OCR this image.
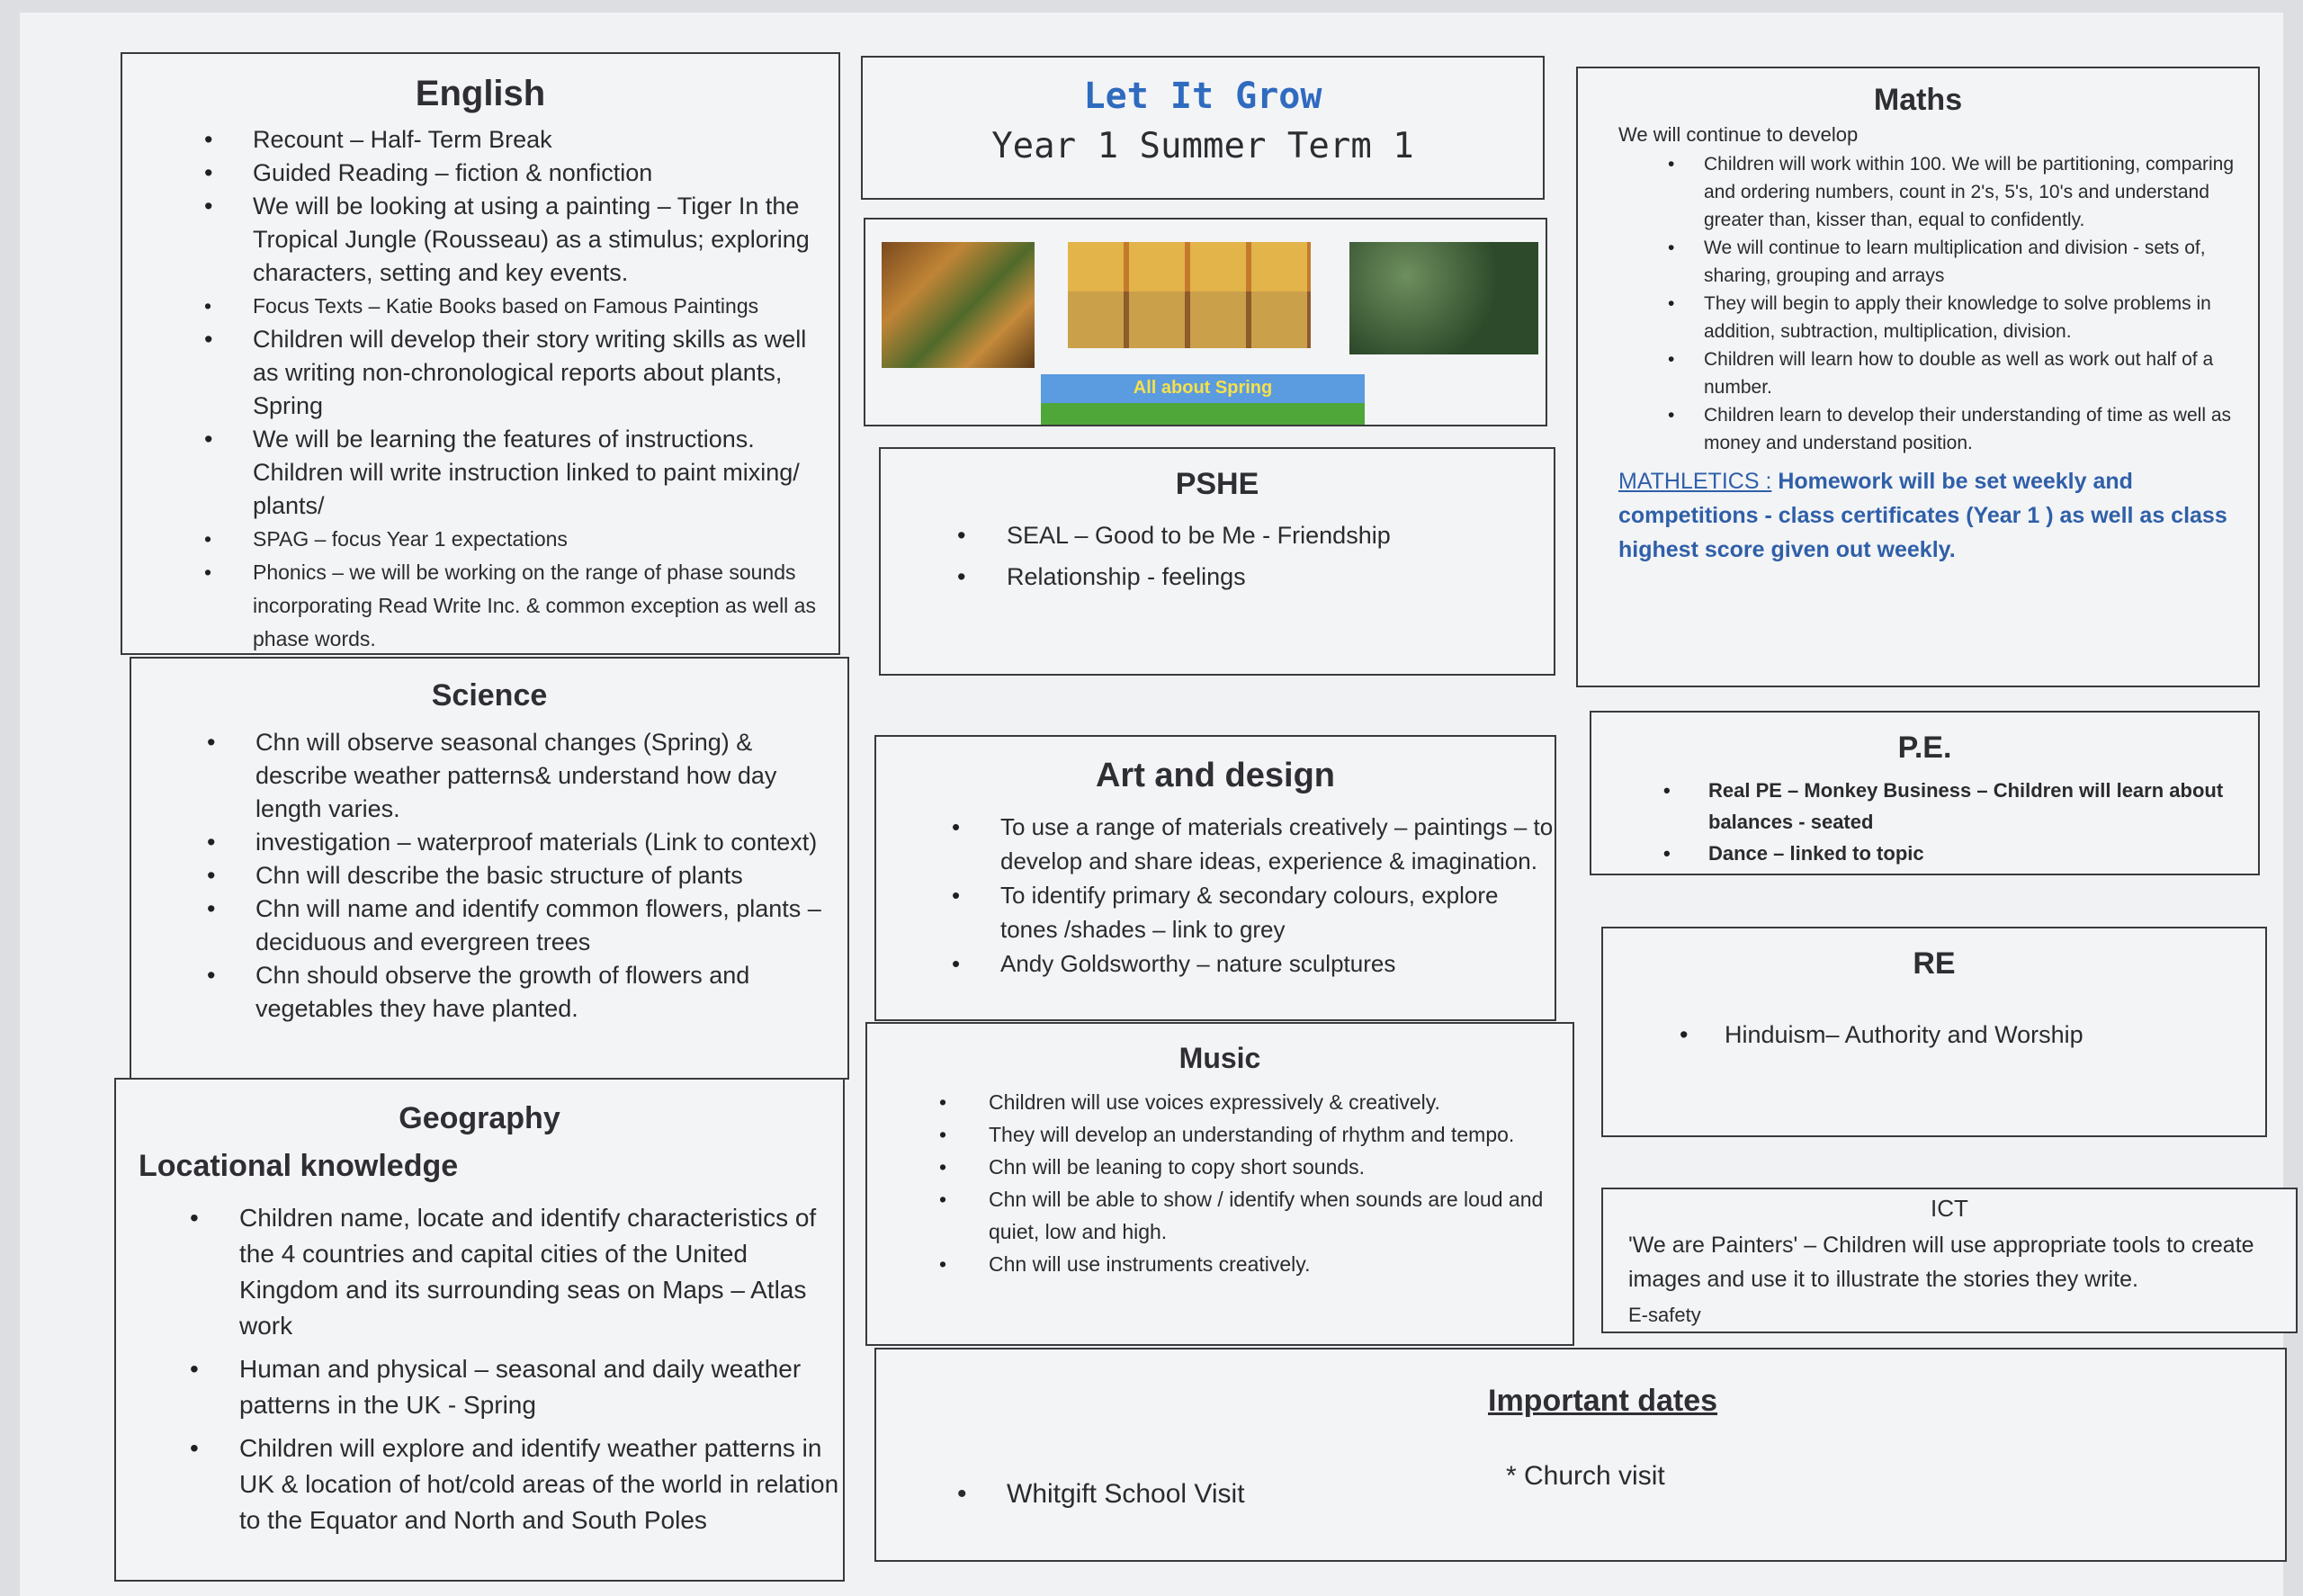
English
• Recount – Half- Term Break
• Guided Reading – fiction & nonfiction
• We will be looking at using a painting – Tiger In the Tropical Jungle (Rousseau) as a stimulus; exploring characters, setting and key events.
• Focus Texts – Katie Books based on Famous Paintings
• Children will develop their story writing skills as well as writing non-chronological reports about plants, Spring
• We will be learning the features of instructions. Children will write instruction linked to paint mixing/ plants/
• SPAG – focus Year 1 expectations
• Phonics – we will be working on the range of phase sounds incorporating Read Write Inc. & common exception as well as phase words.
Let It Grow
Year 1 Summer Term 1
All about Spring
PSHE
• SEAL – Good to be Me - Friendship
• Relationship - feelings
Maths
We will continue to develop
• Children will work within 100. We will be partitioning, comparing and ordering numbers, count in 2's, 5's, 10's and understand greater than, kisser than, equal to confidently.
• We will continue to learn multiplication and division - sets of, sharing, grouping and arrays
• They will begin to apply their knowledge to solve problems in addition, subtraction, multiplication, division.
• Children will learn how to double as well as work out half of a number.
• Children learn to develop their understanding of time as well as money and understand position.
MATHLETICS : Homework will be set weekly and competitions - class certificates (Year 1 ) as well as class highest score given out weekly.
Science
• Chn will observe seasonal changes (Spring) & describe weather patterns& understand how day length varies.
• investigation – waterproof materials (Link to context)
• Chn will describe the basic structure of plants
• Chn will name and identify common flowers, plants – deciduous and evergreen trees
• Chn should observe the growth of flowers and vegetables they have planted.
Art and design
• To use a range of materials creatively – paintings – to develop and share ideas, experience & imagination.
• To identify primary & secondary colours, explore tones /shades – link to grey
• Andy Goldsworthy – nature sculptures
P.E.
• Real PE – Monkey Business – Children will learn about balances - seated
• Dance – linked to topic
RE
• Hinduism– Authority and Worship
Music
• Children will use voices expressively & creatively.
• They will develop an understanding of rhythm and tempo.
• Chn will be leaning to copy short sounds.
• Chn will be able to show / identify when sounds are loud and quiet, low and high.
• Chn will use instruments creatively.
Geography
Locational knowledge
• Children name, locate and identify characteristics of the 4 countries and capital cities of the United Kingdom and its surrounding seas on Maps – Atlas work
• Human and physical – seasonal and daily weather patterns in the UK - Spring
• Children will explore and identify weather patterns in UK & location of hot/cold areas of the world in relation to the Equator and North and South Poles
ICT

'We are Painters' – Children will use appropriate tools to create images and use it to illustrate the stories they write.

E-safety

Important dates
• Whitgift School Visit
* Church visit
